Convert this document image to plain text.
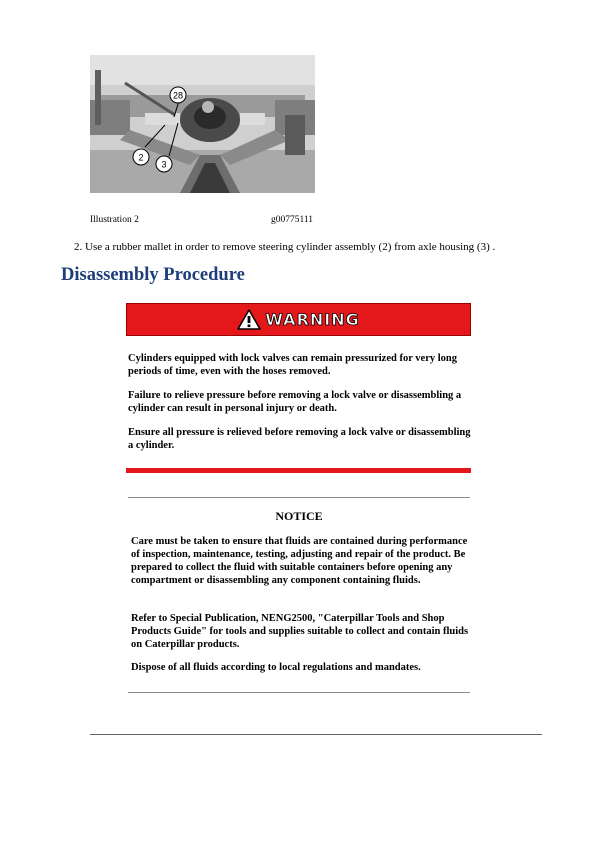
28
2
3
Illustration 2	g00775111
2. Use a rubber mallet in order to remove steering cylinder assembly (2) from axle housing (3) .
Disassembly Procedure
WARNING

Cylinders equipped with lock valves can remain pressurized for very long periods of time, even with the hoses removed.

Failure to relieve pressure before removing a lock valve or disassembling a cylinder can result in personal injury or death.

Ensure all pressure is relieved before removing a lock valve or disassembling a cylinder.

NOTICE

Care must be taken to ensure that fluids are contained during performance of inspection, maintenance, testing, adjusting and repair of the product. Be prepared to collect the fluid with suitable containers before opening any compartment or disassembling any component containing fluids.

Refer to Special Publication, NENG2500, "Caterpillar Tools and Shop Products Guide" for tools and supplies suitable to collect and contain fluids on Caterpillar products.

Dispose of all fluids according to local regulations and mandates.
